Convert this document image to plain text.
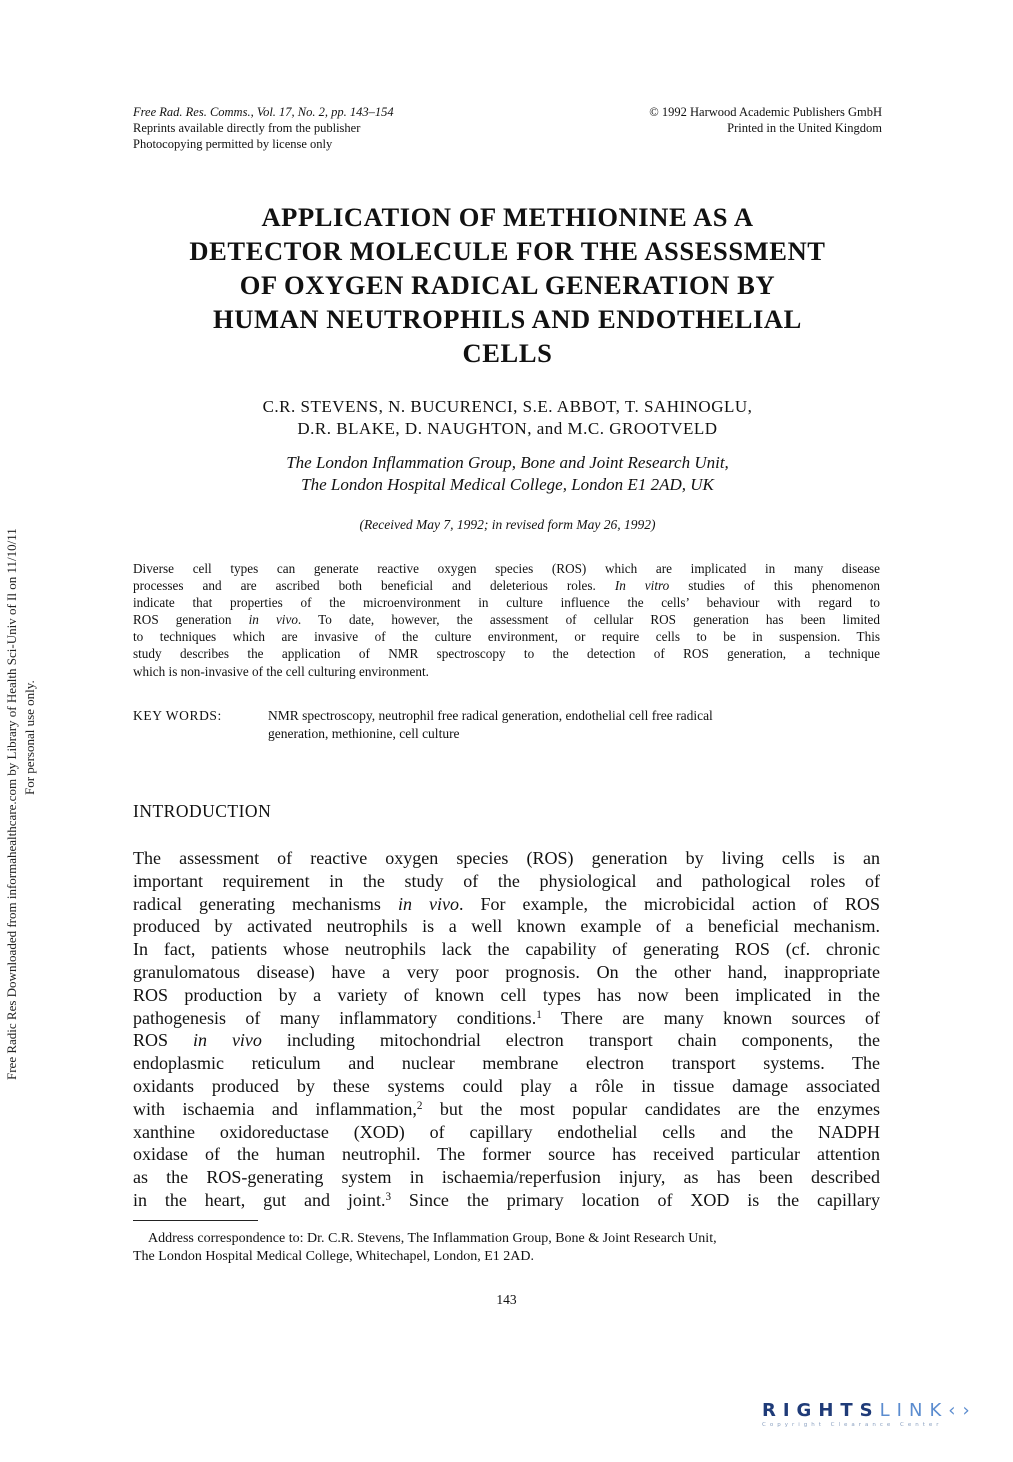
Free Rad. Res. Comms., Vol. 17, No. 2, pp. 143–154
Reprints available directly from the publisher
Photocopying permitted by license only
© 1992 Harwood Academic Publishers GmbH
Printed in the United Kingdom
Free Radic Res Downloaded from informahealthcare.com by Library of Health Sci-Univ of Il on 11/10/11 For personal use only.
APPLICATION OF METHIONINE AS A
DETECTOR MOLECULE FOR THE ASSESSMENT
OF OXYGEN RADICAL GENERATION BY
HUMAN NEUTROPHILS AND ENDOTHELIAL
CELLS
C.R. STEVENS, N. BUCURENCI, S.E. ABBOT, T. SAHINOGLU,
D.R. BLAKE, D. NAUGHTON, and M.C. GROOTVELD
The London Inflammation Group, Bone and Joint Research Unit,
The London Hospital Medical College, London E1 2AD, UK
(Received May 7, 1992; in revised form May 26, 1992)
Diverse cell types can generate reactive oxygen species (ROS) which are implicated in many disease
processes and are ascribed both beneficial and deleterious roles. In vitro studies of this phenomenon
indicate that properties of the microenvironment in culture influence the cells’ behaviour with regard to
ROS generation in vivo. To date, however, the assessment of cellular ROS generation has been limited
to techniques which are invasive of the culture environment, or require cells to be in suspension. This
study describes the application of NMR spectroscopy to the detection of ROS generation, a technique
which is non-invasive of the cell culturing environment.
KEY WORDS:	NMR spectroscopy, neutrophil free radical generation, endothelial cell free radical
generation, methionine, cell culture
INTRODUCTION
The assessment of reactive oxygen species (ROS) generation by living cells is an
important requirement in the study of the physiological and pathological roles of
radical generating mechanisms in vivo. For example, the microbicidal action of ROS
produced by activated neutrophils is a well known example of a beneficial mechanism.
In fact, patients whose neutrophils lack the capability of generating ROS (cf. chronic
granulomatous disease) have a very poor prognosis. On the other hand, inappropriate
ROS production by a variety of known cell types has now been implicated in the
pathogenesis of many inflammatory conditions.$^1$ There are many known sources of
ROS in vivo including mitochondrial electron transport chain components, the
endoplasmic reticulum and nuclear membrane electron transport systems. The
oxidants produced by these systems could play a rôle in tissue damage associated
with ischaemia and inflammation,$^2$ but the most popular candidates are the enzymes
xanthine oxidoreductase (XOD) of capillary endothelial cells and the NADPH
oxidase of the human neutrophil. The former source has received particular attention
as the ROS-generating system in ischaemia/reperfusion injury, as has been described
in the heart, gut and joint.$^3$ Since the primary location of XOD is the capillary
Address correspondence to: Dr. C.R. Stevens, The Inflammation Group, Bone & Joint Research Unit,
The London Hospital Medical College, Whitechapel, London, E1 2AD.
143
RIGHTSLINK‹›
Copyright Clearance Center
